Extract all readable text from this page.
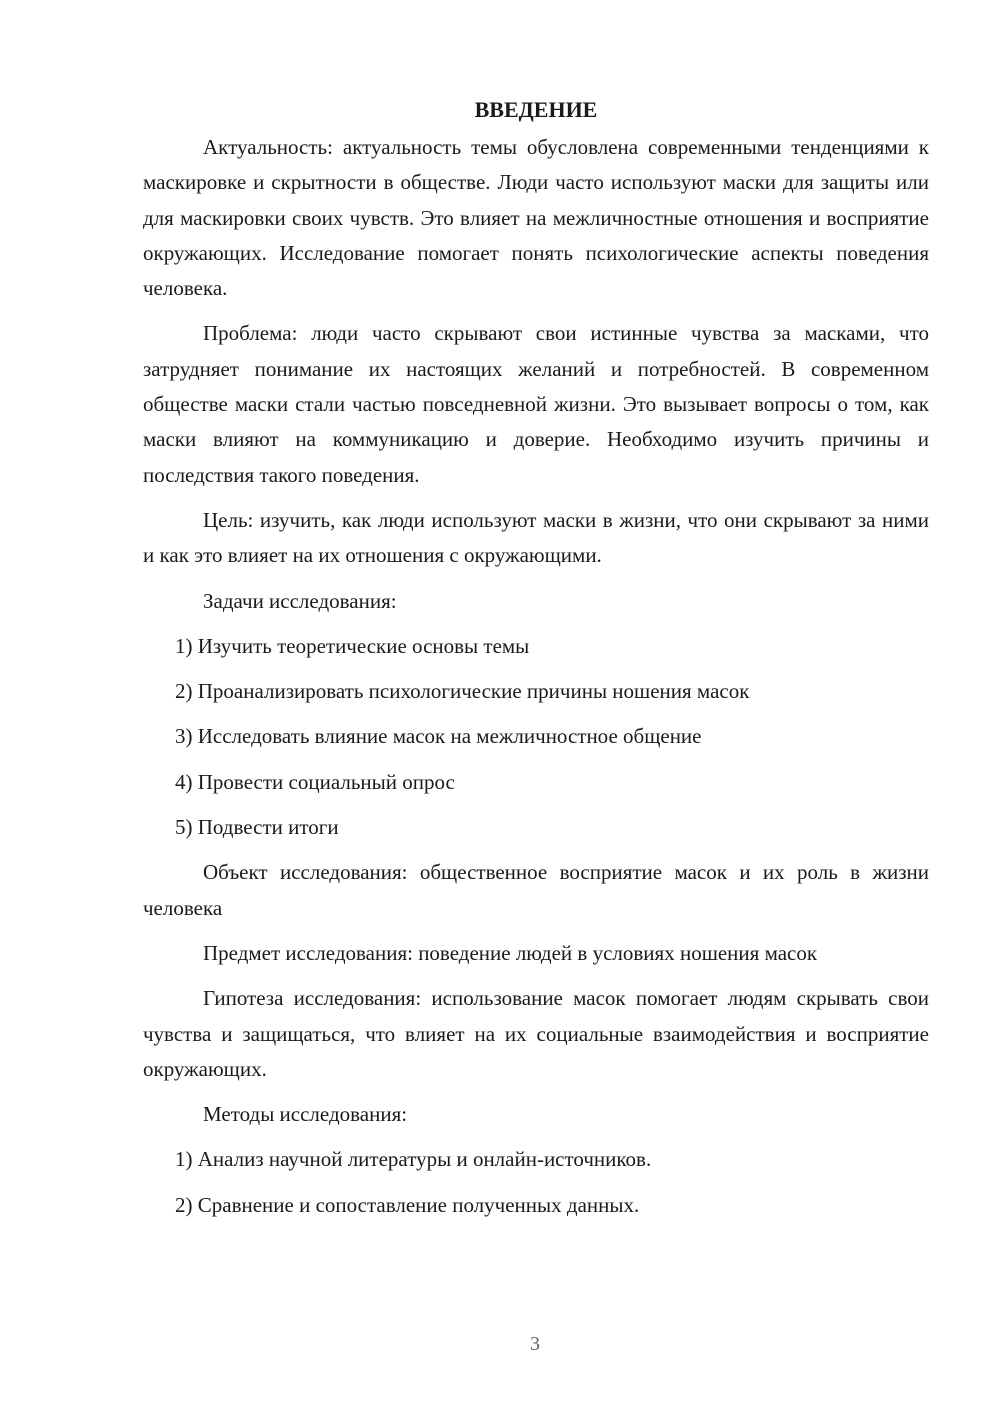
ВВЕДЕНИЕ

Актуальность: актуальность темы обусловлена современными тенденциями к маскировке и скрытности в обществе. Люди часто используют маски для защиты или для маскировки своих чувств. Это влияет на межличностные отношения и восприятие окружающих. Исследование помогает понять психологические аспекты поведения человека.

Проблема: люди часто скрывают свои истинные чувства за масками, что затрудняет понимание их настоящих желаний и потребностей. В современном обществе маски стали частью повседневной жизни. Это вызывает вопросы о том, как маски влияют на коммуникацию и доверие. Необходимо изучить причины и последствия такого поведения.

Цель: изучить, как люди используют маски в жизни, что они скрывают за ними и как это влияет на их отношения с окружающими.

Задачи исследования:
1) Изучить теоретические основы темы
2) Проанализировать психологические причины ношения масок
3) Исследовать влияние масок на межличностное общение
4) Провести социальный опрос
5) Подвести итоги

Объект исследования: общественное восприятие масок и их роль в жизни человека

Предмет исследования: поведение людей в условиях ношения масок

Гипотеза исследования: использование масок помогает людям скрывать свои чувства и защищаться, что влияет на их социальные взаимодействия и восприятие окружающих.

Методы исследования:
1) Анализ научной литературы и онлайн-источников.
2) Сравнение и сопоставление полученных данных.
3
